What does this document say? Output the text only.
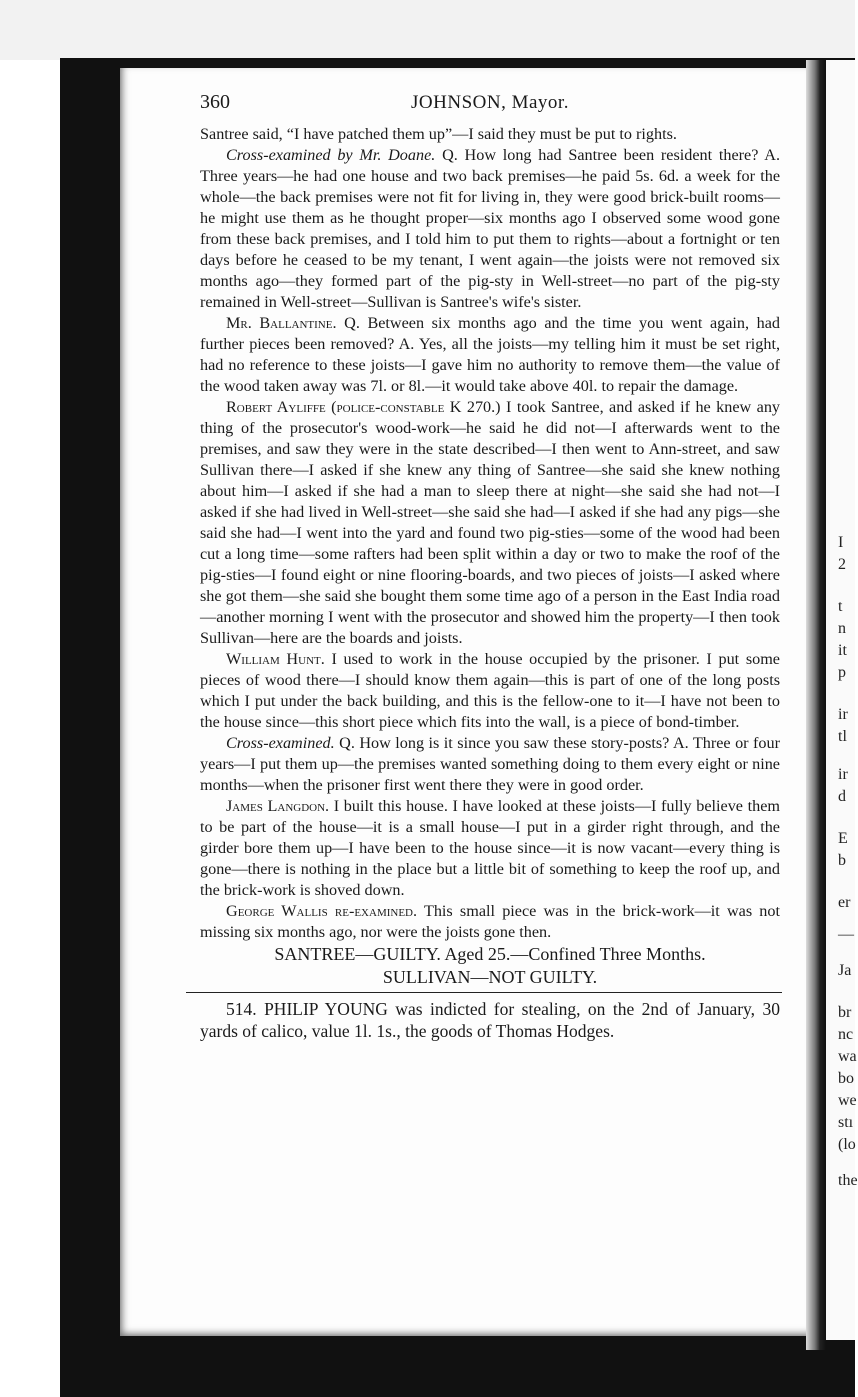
I
2
t
n
it
p
ir
tl
ir
d
E
b
er
—
Ja
br
nc
wa
bo
we
stı
(lo
the
360	JOHNSON, Mayor.

Santree said, “I have patched them up”—I said they must be put to rights.

Cross-examined by Mr. Doane. Q. How long had Santree been resident there? A. Three years—he had one house and two back premises—he paid 5s. 6d. a week for the whole—the back premises were not fit for living in, they were good brick-built rooms—he might use them as he thought proper—six months ago I observed some wood gone from these back premises, and I told him to put them to rights—about a fortnight or ten days before he ceased to be my tenant, I went again—the joists were not removed six months ago—they formed part of the pig-sty in Well-street—no part of the pig-sty remained in Well-street—Sullivan is Santree's wife's sister.

Mr. Ballantine. Q. Between six months ago and the time you went again, had further pieces been removed? A. Yes, all the joists—my telling him it must be set right, had no reference to these joists—I gave him no authority to remove them—the value of the wood taken away was 7l. or 8l.—it would take above 40l. to repair the damage.

Robert Ayliffe (police-constable K 270.) I took Santree, and asked if he knew any thing of the prosecutor's wood-work—he said he did not—I afterwards went to the premises, and saw they were in the state described—I then went to Ann-street, and saw Sullivan there—I asked if she knew any thing of Santree—she said she knew nothing about him—I asked if she had a man to sleep there at night—she said she had not—I asked if she had lived in Well-street—she said she had—I asked if she had any pigs—she said she had—I went into the yard and found two pig-sties—some of the wood had been cut a long time—some rafters had been split within a day or two to make the roof of the pig-sties—I found eight or nine flooring-boards, and two pieces of joists—I asked where she got them—she said she bought them some time ago of a person in the East India road—another morning I went with the prosecutor and showed him the property—I then took Sullivan—here are the boards and joists.

William Hunt. I used to work in the house occupied by the prisoner. I put some pieces of wood there—I should know them again—this is part of one of the long posts which I put under the back building, and this is the fellow-one to it—I have not been to the house since—this short piece which fits into the wall, is a piece of bond-timber.

Cross-examined. Q. How long is it since you saw these story-posts? A. Three or four years—I put them up—the premises wanted something doing to them every eight or nine months—when the prisoner first went there they were in good order.

James Langdon. I built this house. I have looked at these joists—I fully believe them to be part of the house—it is a small house—I put in a girder right through, and the girder bore them up—I have been to the house since—it is now vacant—every thing is gone—there is nothing in the place but a little bit of something to keep the roof up, and the brick-work is shoved down.

George Wallis re-examined. This small piece was in the brick-work—it was not missing six months ago, nor were the joists gone then.

SANTREE—GUILTY. Aged 25.—Confined Three Months.

SULLIVAN—NOT GUILTY.

514. PHILIP YOUNG was indicted for stealing, on the 2nd of January, 30 yards of calico, value 1l. 1s., the goods of Thomas Hodges.
